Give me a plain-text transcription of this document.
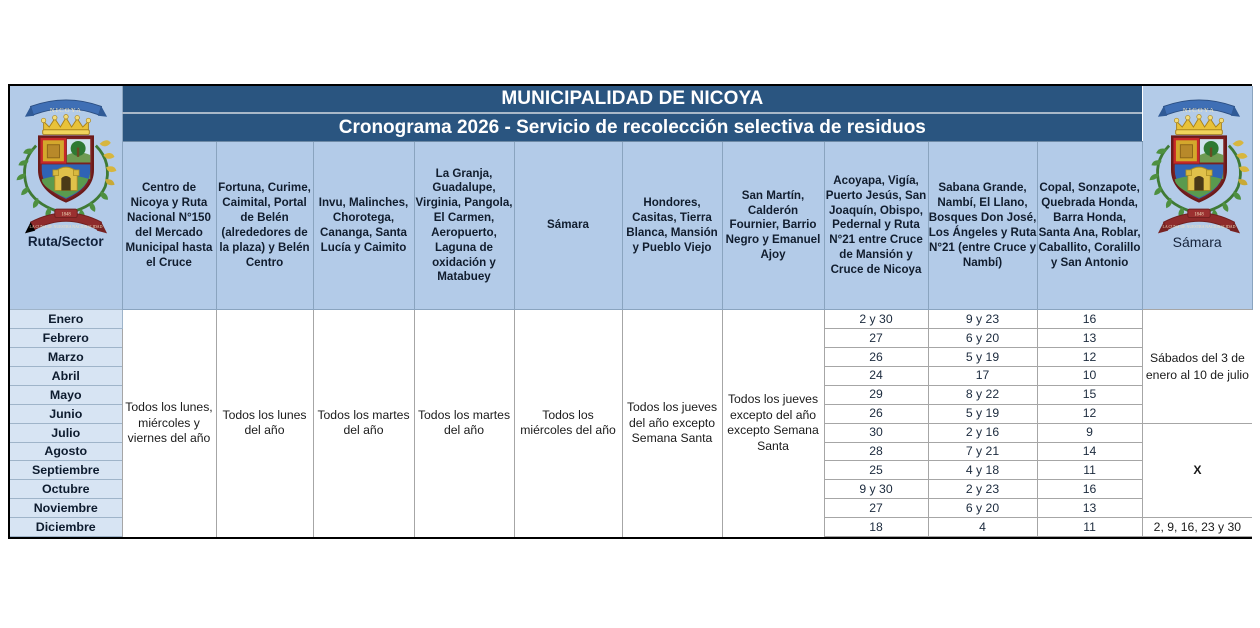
NICOYA
1848
LA CUNA DE NUESTRA NACIONALIDAD
Ruta/Sector
	MUNICIPALIDAD DE NICOYA	
NICOYA
1848
LA CUNA DE NUESTRA NACIONALIDAD
Sámara

	Cronograma 2026 - Servicio de recolección selectiva de residuos										
	Centro de Nicoya y Ruta Nacional N°150 del Mercado Municipal hasta el Cruce	Fortuna, Curime, Caimital, Portal de Belén (alrededores de la plaza) y Belén Centro	Invu, Malinches, Chorotega, Cananga, Santa Lucía y Caimito	La Granja, Guadalupe, Virginia, Pangola, El Carmen, Aeropuerto, Laguna de oxidación y Matabuey	Sámara	Hondores, Casitas, Tierra Blanca, Mansión y Pueblo Viejo	San Martín, Calderón Fournier, Barrio Negro y Emanuel Ajoy	Acoyapa, Vigía, Puerto Jesús, San Joaquín, Obispo, Pedernal y Ruta N°21 entre Cruce de Mansión y Cruce de Nicoya	Sabana Grande, Nambí, El Llano, Bosques Don José, Los Ángeles y Ruta N°21 (entre Cruce y Nambí)	Copal, Sonzapote, Quebrada Honda, Barra Honda, Santa Ana, Roblar, Caballito, Coralillo y San Antonio	
Enero	Todos los lunes, miércoles y viernes del año	Todos los lunes del año	Todos los martes del año	Todos los martes del año	Todos los miércoles del año	Todos los jueves del año excepto Semana Santa	Todos los jueves excepto del año excepto Semana Santa	2 y 30	9 y 23	16	Sábados del 3 de enero al 10 de julio
Febrero								27	6 y 20	13	
Marzo								26	5 y 19	12	
Abril								24	17	10	
Mayo								29	8 y 22	15	
Junio								26	5 y 19	12	
Julio								30	2 y 16	9	X
Agosto								28	7 y 21	14	
Septiembre								25	4 y 18	11	
Octubre								9 y 30	2 y 23	16	
Noviembre								27	6 y 20	13	
Diciembre								18	4	11	2, 9, 16, 23 y 30
